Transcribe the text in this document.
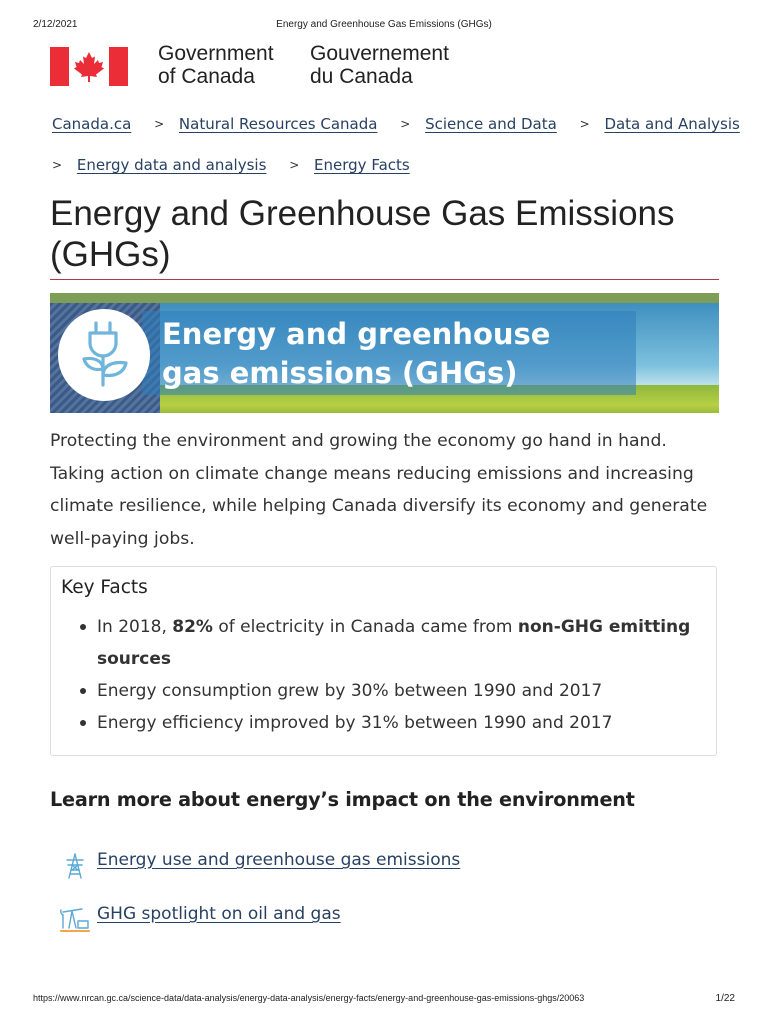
2/12/2021	Energy and Greenhouse Gas Emissions (GHGs)
Government
of Canada
Gouvernement
du Canada
Canada.ca > Natural Resources Canada > Science and Data > Data and Analysis
> Energy data and analysis > Energy Facts
Energy and Greenhouse Gas Emissions (GHGs)
Energy and greenhouse
gas emissions (GHGs)

Protecting the environment and growing the economy go hand in hand. Taking action on climate change means reducing emissions and increasing climate resilience, while helping Canada diversify its economy and generate well-paying jobs.

Key Facts
In 2018, 82% of electricity in Canada came from non-GHG emitting sources
Energy consumption grew by 30% between 1990 and 2017
Energy efficiency improved by 31% between 1990 and 2017
Learn more about energy’s impact on the environment
Energy use and greenhouse gas emissions
GHG spotlight on oil and gas
https://www.nrcan.gc.ca/science-data/data-analysis/energy-data-analysis/energy-facts/energy-and-greenhouse-gas-emissions-ghgs/20063	1/22
